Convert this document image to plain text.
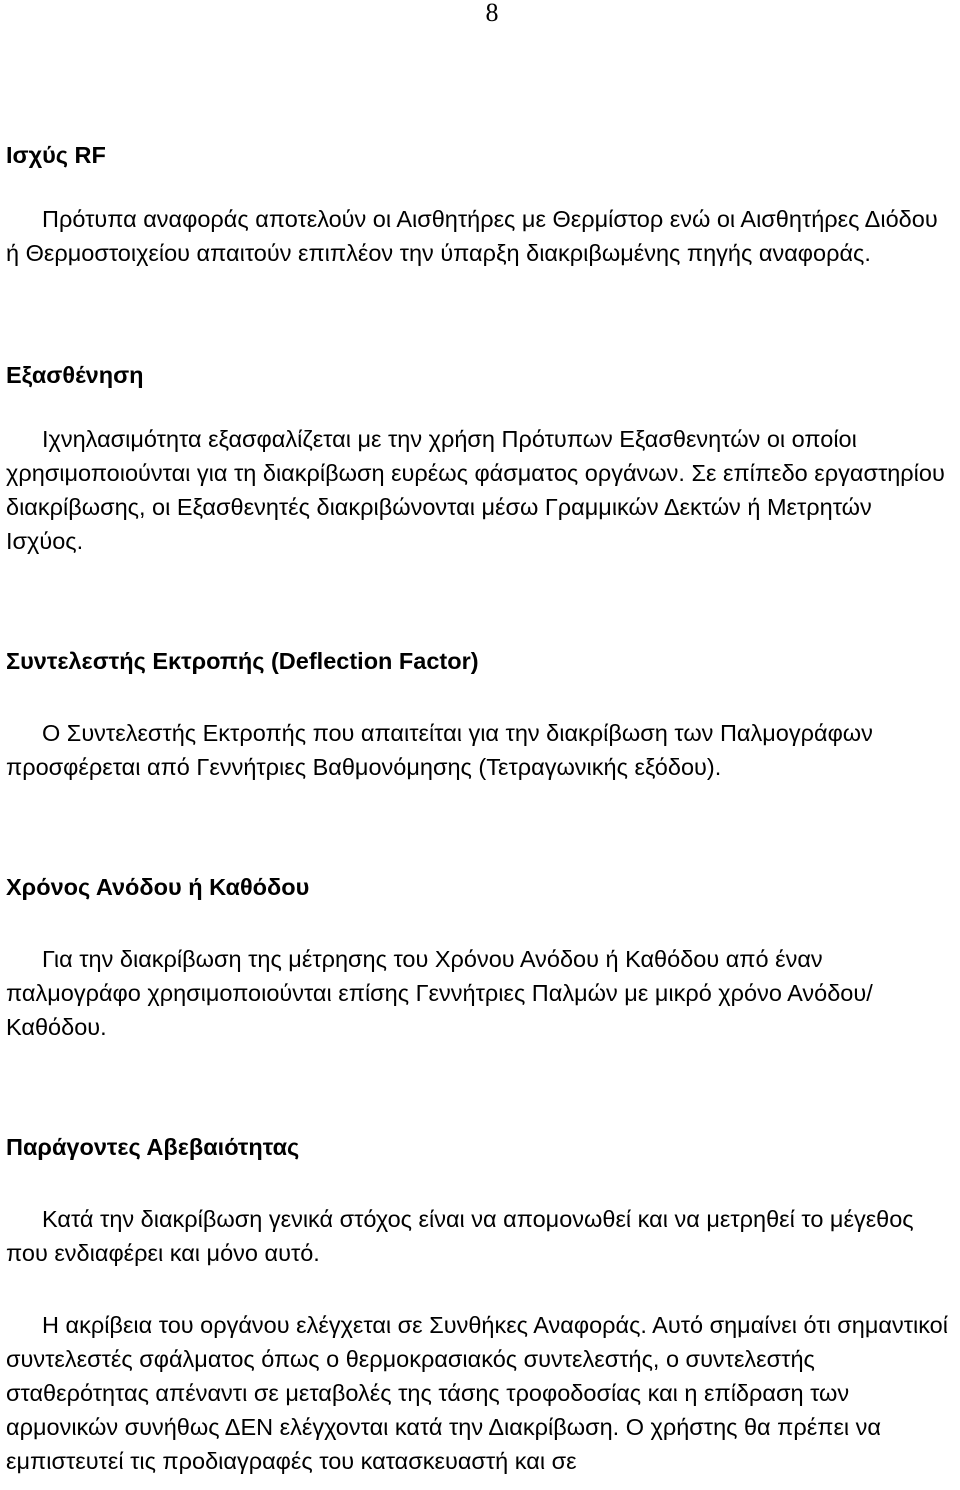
8

Ισχύς RF

Πρότυπα αναφοράς αποτελούν οι Αισθητήρες με Θερμίστορ ενώ οι Αισθητήρες Διόδου ή Θερμοστοιχείου απαιτούν επιπλέον την ύπαρξη διακριβωμένης πηγής αναφοράς.

Εξασθένηση

Ιχνηλασιμότητα εξασφαλίζεται με την χρήση Πρότυπων Εξασθενητών οι οποίοι χρησιμοποιούνται για τη διακρίβωση ευρέως φάσματος οργάνων. Σε επίπεδο εργαστηρίου διακρίβωσης, οι Εξασθενητές διακριβώνονται μέσω Γραμμικών Δεκτών ή Μετρητών Ισχύος.

Συντελεστής Εκτροπής (Deflection Factor)

Ο Συντελεστής Εκτροπής που απαιτείται για την διακρίβωση των Παλμογράφων προσφέρεται από Γεννήτριες Βαθμονόμησης (Τετραγωνικής εξόδου).

Χρόνος Ανόδου ή Καθόδου

Για την διακρίβωση της μέτρησης του Χρόνου Ανόδου ή Καθόδου από έναν παλμογράφο χρησιμοποιούνται επίσης Γεννήτριες Παλμών με μικρό χρόνο Ανόδου/Καθόδου.

Παράγοντες Αβεβαιότητας

Κατά την διακρίβωση γενικά στόχος είναι να απομονωθεί και να μετρηθεί το μέγεθος που ενδιαφέρει και μόνο αυτό.

Η ακρίβεια του οργάνου ελέγχεται σε Συνθήκες Αναφοράς. Αυτό σημαίνει ότι σημαντικοί συντελεστές σφάλματος όπως ο θερμοκρασιακός συντελεστής, ο συντελεστής σταθερότητας απέναντι σε μεταβολές της τάσης τροφοδοσίας και η επίδραση των αρμονικών συνήθως ΔΕΝ ελέγχονται κατά την Διακρίβωση. Ο χρήστης θα πρέπει να εμπιστευτεί τις προδιαγραφές του κατασκευαστή και σε
